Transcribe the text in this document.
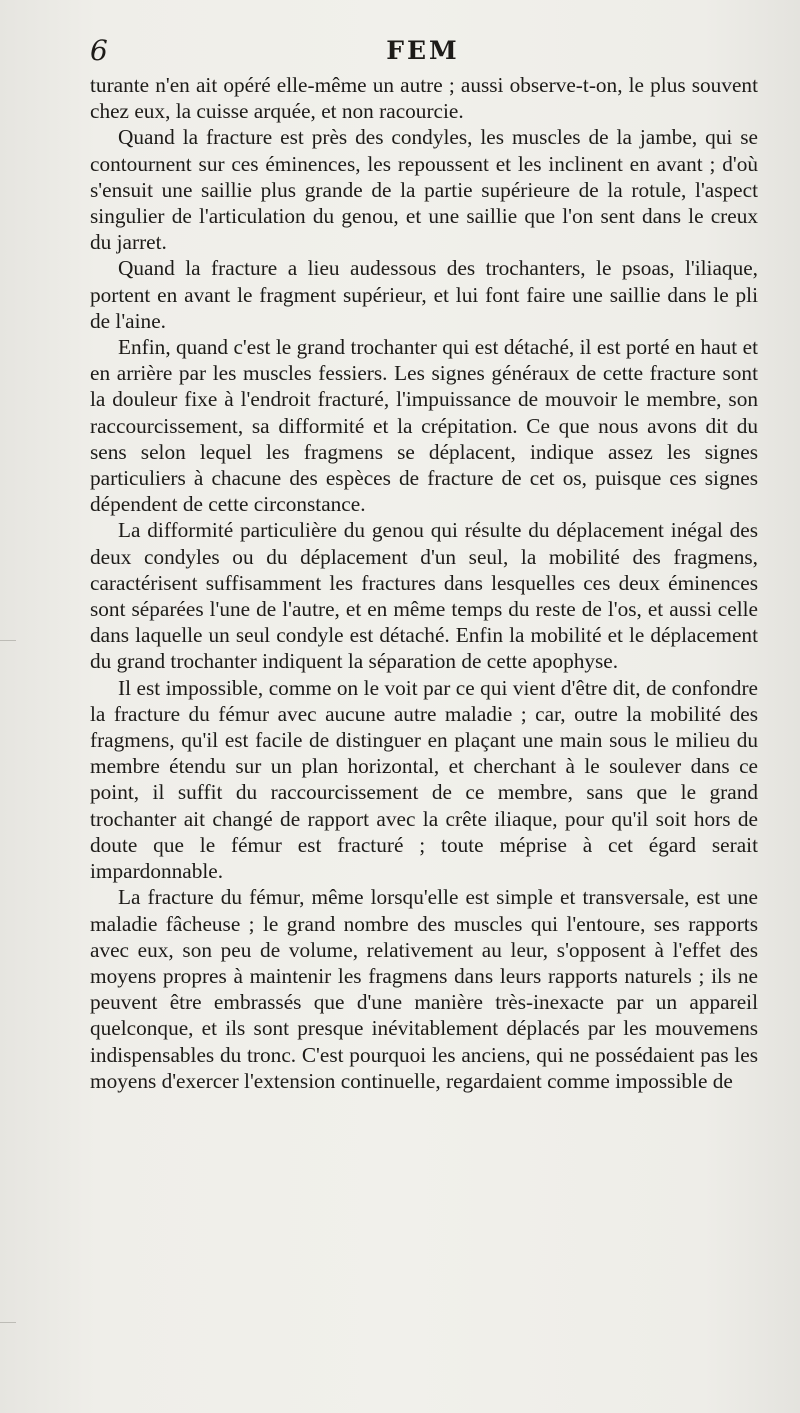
6	FEM

turante n'en ait opéré elle-même un autre ; aussi observe-t-on, le plus souvent chez eux, la cuisse arquée, et non racourcie.

Quand la fracture est près des condyles, les muscles de la jambe, qui se contournent sur ces éminences, les repoussent et les inclinent en avant ; d'où s'ensuit une saillie plus grande de la partie supérieure de la rotule, l'aspect singulier de l'articulation du genou, et une saillie que l'on sent dans le creux du jarret.

Quand la fracture a lieu audessous des trochanters, le psoas, l'iliaque, portent en avant le fragment supérieur, et lui font faire une saillie dans le pli de l'aine.

Enfin, quand c'est le grand trochanter qui est détaché, il est porté en haut et en arrière par les muscles fessiers. Les signes généraux de cette fracture sont la douleur fixe à l'endroit fracturé, l'impuissance de mouvoir le membre, son raccourcissement, sa difformité et la crépitation. Ce que nous avons dit du sens selon lequel les fragmens se déplacent, indique assez les signes particuliers à chacune des espèces de fracture de cet os, puisque ces signes dépendent de cette circonstance.

La difformité particulière du genou qui résulte du déplacement inégal des deux condyles ou du déplacement d'un seul, la mobilité des fragmens, caractérisent suffisamment les fractures dans lesquelles ces deux éminences sont séparées l'une de l'autre, et en même temps du reste de l'os, et aussi celle dans laquelle un seul condyle est détaché. Enfin la mobilité et le déplacement du grand trochanter indiquent la séparation de cette apophyse.

Il est impossible, comme on le voit par ce qui vient d'être dit, de confondre la fracture du fémur avec aucune autre maladie ; car, outre la mobilité des fragmens, qu'il est facile de distinguer en plaçant une main sous le milieu du membre étendu sur un plan horizontal, et cherchant à le soulever dans ce point, il suffit du raccourcissement de ce membre, sans que le grand trochanter ait changé de rapport avec la crête iliaque, pour qu'il soit hors de doute que le fémur est fracturé ; toute méprise à cet égard serait impardonnable.

La fracture du fémur, même lorsqu'elle est simple et transversale, est une maladie fâcheuse ; le grand nombre des muscles qui l'entoure, ses rapports avec eux, son peu de volume, relativement au leur, s'opposent à l'effet des moyens propres à maintenir les fragmens dans leurs rapports naturels ; ils ne peuvent être embrassés que d'une manière très-inexacte par un appareil quelconque, et ils sont presque inévitablement déplacés par les mouvemens indispensables du tronc. C'est pourquoi les anciens, qui ne possédaient pas les moyens d'exercer l'extension continuelle, regardaient comme impossible de
